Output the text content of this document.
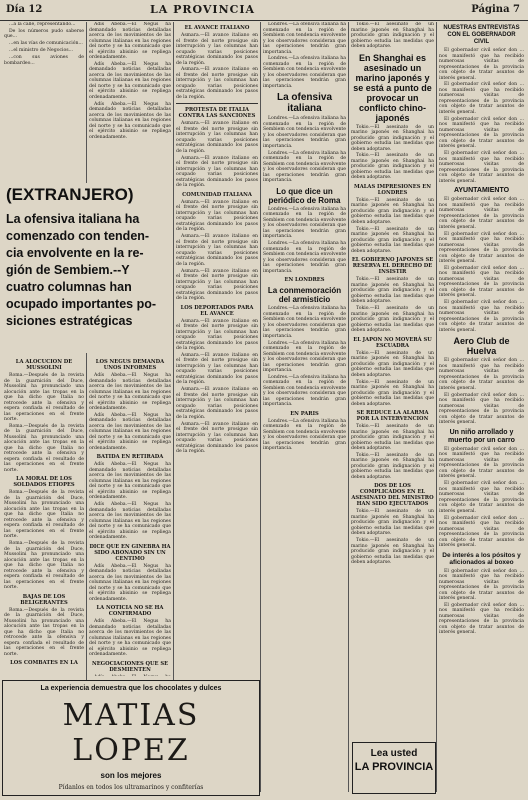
Día 12	LA PROVINCIA	Página 7

...a la calle, representando...

De los números pudo saberse que...

...en las vías de comunicación...

...el ministro de Negocios...

...con sus aviones de bombardeo...

Adís Abeba.—El Negus ha demandado noticias detalladas acerca de los movimientos de las columnas italianas en las regiones del norte y se ha comunicado que el ejército abisinio se repliega ordenadamente.

Adís Abeba.—El Negus ha demandado noticias detalladas acerca de los movimientos de las columnas italianas en las regiones del norte y se ha comunicado que el ejército abisinio se repliega ordenadamente.

Adís Abeba.—El Negus ha demandado noticias detalladas acerca de los movimientos de las columnas italianas en las regiones del norte y se ha comunicado que el ejército abisinio se repliega ordenadamente.

EL AVANCE ITALIANO

Asmara.—El avance italiano en el frente del norte prosigue sin interrupción y las columnas han ocupado varias posiciones estratégicas dominando los pasos de la región.

Asmara.—El avance italiano en el frente del norte prosigue sin interrupción y las columnas han ocupado varias posiciones estratégicas dominando los pasos de la región.

PROTESTA DE ITALIA CONTRA LAS SANCIONES

Asmara.—El avance italiano en el frente del norte prosigue sin interrupción y las columnas han ocupado varias posiciones estratégicas dominando los pasos de la región.

Asmara.—El avance italiano en el frente del norte prosigue sin interrupción y las columnas han ocupado varias posiciones estratégicas dominando los pasos de la región.

COMUNIDAD ITALIANA

Asmara.—El avance italiano en el frente del norte prosigue sin interrupción y las columnas han ocupado varias posiciones estratégicas dominando los pasos de la región.

Asmara.—El avance italiano en el frente del norte prosigue sin interrupción y las columnas han ocupado varias posiciones estratégicas dominando los pasos de la región.

Asmara.—El avance italiano en el frente del norte prosigue sin interrupción y las columnas han ocupado varias posiciones estratégicas dominando los pasos de la región.

LOS DEPORTADOS PARA EL AVANCE

Asmara.—El avance italiano en el frente del norte prosigue sin interrupción y las columnas han ocupado varias posiciones estratégicas dominando los pasos de la región.

Asmara.—El avance italiano en el frente del norte prosigue sin interrupción y las columnas han ocupado varias posiciones estratégicas dominando los pasos de la región.

Asmara.—El avance italiano en el frente del norte prosigue sin interrupción y las columnas han ocupado varias posiciones estratégicas dominando los pasos de la región.

Asmara.—El avance italiano en el frente del norte prosigue sin interrupción y las columnas han ocupado varias posiciones estratégicas dominando los pasos de la región.

Londres.—La ofensiva italiana ha comenzado en la región de Sembiem con tendencia envolvente y los observadores consideran que las operaciones tendrán gran importancia.

Londres.—La ofensiva italiana ha comenzado en la región de Sembiem con tendencia envolvente y los observadores consideran que las operaciones tendrán gran importancia.

La ofensiva italiana

Londres.—La ofensiva italiana ha comenzado en la región de Sembiem con tendencia envolvente y los observadores consideran que las operaciones tendrán gran importancia.

Londres.—La ofensiva italiana ha comenzado en la región de Sembiem con tendencia envolvente y los observadores consideran que las operaciones tendrán gran importancia.

Lo que dice un periódico de Roma

Londres.—La ofensiva italiana ha comenzado en la región de Sembiem con tendencia envolvente y los observadores consideran que las operaciones tendrán gran importancia.

Londres.—La ofensiva italiana ha comenzado en la región de Sembiem con tendencia envolvente y los observadores consideran que las operaciones tendrán gran importancia.

EN LONDRES
La conmemoración del armisticio

Londres.—La ofensiva italiana ha comenzado en la región de Sembiem con tendencia envolvente y los observadores consideran que las operaciones tendrán gran importancia.

Londres.—La ofensiva italiana ha comenzado en la región de Sembiem con tendencia envolvente y los observadores consideran que las operaciones tendrán gran importancia.

Londres.—La ofensiva italiana ha comenzado en la región de Sembiem con tendencia envolvente y los observadores consideran que las operaciones tendrán gran importancia.

EN PARIS

Londres.—La ofensiva italiana ha comenzado en la región de Sembiem con tendencia envolvente y los observadores consideran que las operaciones tendrán gran importancia.

Tokio.—El asesinato de un marino japonés en Shanghai ha producido gran indignación y el gobierno estudia las medidas que deben adoptarse.

En Shanghai es asesinado un marino japonés y se está a punto de provocar un conflicto chino-japonés

Tokio.—El asesinato de un marino japonés en Shanghai ha producido gran indignación y el gobierno estudia las medidas que deben adoptarse.

Tokio.—El asesinato de un marino japonés en Shanghai ha producido gran indignación y el gobierno estudia las medidas que deben adoptarse.

MALAS IMPRESIONES EN LONDRES

Tokio.—El asesinato de un marino japonés en Shanghai ha producido gran indignación y el gobierno estudia las medidas que deben adoptarse.

Tokio.—El asesinato de un marino japonés en Shanghai ha producido gran indignación y el gobierno estudia las medidas que deben adoptarse.

EL GOBIERNO JAPONES SE RESERVA EL DERECHO DE INSISTIR

Tokio.—El asesinato de un marino japonés en Shanghai ha producido gran indignación y el gobierno estudia las medidas que deben adoptarse.

Tokio.—El asesinato de un marino japonés en Shanghai ha producido gran indignación y el gobierno estudia las medidas que deben adoptarse.

EL JAPON NO MOVERÁ SU ESCUADRA

Tokio.—El asesinato de un marino japonés en Shanghai ha producido gran indignación y el gobierno estudia las medidas que deben adoptarse.

Tokio.—El asesinato de un marino japonés en Shanghai ha producido gran indignación y el gobierno estudia las medidas que deben adoptarse.

SE REDUCE LA ALARMA POR LA INTERVENCION

Tokio.—El asesinato de un marino japonés en Shanghai ha producido gran indignación y el gobierno estudia las medidas que deben adoptarse.

Tokio.—El asesinato de un marino japonés en Shanghai ha producido gran indignación y el gobierno estudia las medidas que deben adoptarse.

DOS DE LOS COMPLICADOS EN EL ASESINATO DEL MINISTRO HAN SIDO EJECUTADOS

Tokio.—El asesinato de un marino japonés en Shanghai ha producido gran indignación y el gobierno estudia las medidas que deben adoptarse.

Tokio.—El asesinato de un marino japonés en Shanghai ha producido gran indignación y el gobierno estudia las medidas que deben adoptarse.

NUESTRAS ENTREVISTAS CON EL GOBERNADOR CIVIL

El gobernador civil señor don ... nos manifestó que ha recibido numerosas visitas de representaciones de la provincia con objeto de tratar asuntos de interés general.

El gobernador civil señor don ... nos manifestó que ha recibido numerosas visitas de representaciones de la provincia con objeto de tratar asuntos de interés general.

El gobernador civil señor don ... nos manifestó que ha recibido numerosas visitas de representaciones de la provincia con objeto de tratar asuntos de interés general.

El gobernador civil señor don ... nos manifestó que ha recibido numerosas visitas de representaciones de la provincia con objeto de tratar asuntos de interés general.

AYUNTAMIENTO

El gobernador civil señor don ... nos manifestó que ha recibido numerosas visitas de representaciones de la provincia con objeto de tratar asuntos de interés general.

El gobernador civil señor don ... nos manifestó que ha recibido numerosas visitas de representaciones de la provincia con objeto de tratar asuntos de interés general.

El gobernador civil señor don ... nos manifestó que ha recibido numerosas visitas de representaciones de la provincia con objeto de tratar asuntos de interés general.

El gobernador civil señor don ... nos manifestó que ha recibido numerosas visitas de representaciones de la provincia con objeto de tratar asuntos de interés general.

Aero Club de Huelva

El gobernador civil señor don ... nos manifestó que ha recibido numerosas visitas de representaciones de la provincia con objeto de tratar asuntos de interés general.

El gobernador civil señor don ... nos manifestó que ha recibido numerosas visitas de representaciones de la provincia con objeto de tratar asuntos de interés general.

Un niño arrollado y muerto por un carro

El gobernador civil señor don ... nos manifestó que ha recibido numerosas visitas de representaciones de la provincia con objeto de tratar asuntos de interés general.

El gobernador civil señor don ... nos manifestó que ha recibido numerosas visitas de representaciones de la provincia con objeto de tratar asuntos de interés general.

El gobernador civil señor don ... nos manifestó que ha recibido numerosas visitas de representaciones de la provincia con objeto de tratar asuntos de interés general.

De interés a los pósitos y aficionados al boxeo

El gobernador civil señor don ... nos manifestó que ha recibido numerosas visitas de representaciones de la provincia con objeto de tratar asuntos de interés general.

El gobernador civil señor don ... nos manifestó que ha recibido numerosas visitas de representaciones de la provincia con objeto de tratar asuntos de interés general.

(EXTRANJERO)
La ofensiva italiana ha
comenzado con tenden-
cia envolvente en la re-
gión de Sembiem.--Y
cuatro columnas han
ocupado importantes po-
siciones estratégicas
LA ALOCUCION DE MUSSOLINI

Roma.—Después de la revista de la guarnición del Duce, Mussolini ha pronunciado una alocución ante las tropas en la que ha dicho que Italia no retrocede ante la ofensiva y espera confiada el resultado de las operaciones en el frente norte.

Roma.—Después de la revista de la guarnición del Duce, Mussolini ha pronunciado una alocución ante las tropas en la que ha dicho que Italia no retrocede ante la ofensiva y espera confiada el resultado de las operaciones en el frente norte.

LA MORAL DE LOS SOLDADOS ETIOPES

Roma.—Después de la revista de la guarnición del Duce, Mussolini ha pronunciado una alocución ante las tropas en la que ha dicho que Italia no retrocede ante la ofensiva y espera confiada el resultado de las operaciones en el frente norte.

Roma.—Después de la revista de la guarnición del Duce, Mussolini ha pronunciado una alocución ante las tropas en la que ha dicho que Italia no retrocede ante la ofensiva y espera confiada el resultado de las operaciones en el frente norte.

BAJAS DE LOS BELIGERANTES

Roma.—Después de la revista de la guarnición del Duce, Mussolini ha pronunciado una alocución ante las tropas en la que ha dicho que Italia no retrocede ante la ofensiva y espera confiada el resultado de las operaciones en el frente norte.

LOS COMBATES EN LA

LOS NEGUS DEMANDA UNOS INFORMES

Adís Abeba.—El Negus ha demandado noticias detalladas acerca de los movimientos de las columnas italianas en las regiones del norte y se ha comunicado que el ejército abisinio se repliega ordenadamente.

Adís Abeba.—El Negus ha demandado noticias detalladas acerca de los movimientos de las columnas italianas en las regiones del norte y se ha comunicado que el ejército abisinio se repliega ordenadamente.

BATIDA EN RETIRADA

Adís Abeba.—El Negus ha demandado noticias detalladas acerca de los movimientos de las columnas italianas en las regiones del norte y se ha comunicado que el ejército abisinio se repliega ordenadamente.

Adís Abeba.—El Negus ha demandado noticias detalladas acerca de los movimientos de las columnas italianas en las regiones del norte y se ha comunicado que el ejército abisinio se repliega ordenadamente.

DICE QUE EN GINEBRA HA SIDO ABONADO SIN UN CENTIMO

Adís Abeba.—El Negus ha demandado noticias detalladas acerca de los movimientos de las columnas italianas en las regiones del norte y se ha comunicado que el ejército abisinio se repliega ordenadamente.

LA NOTICIA NO SE HA CONFIRMADO

Adís Abeba.—El Negus ha demandado noticias detalladas acerca de los movimientos de las columnas italianas en las regiones del norte y se ha comunicado que el ejército abisinio se repliega ordenadamente.

NEGOCIACIONES QUE SE DESMIENTEN

La experiencia demuestra que los chocolates y dulces
MATIAS LOPEZ
son los mejores
Pídanlos en todos los ultramarinos y confiterías
Lea usted
LA PROVINCIA
